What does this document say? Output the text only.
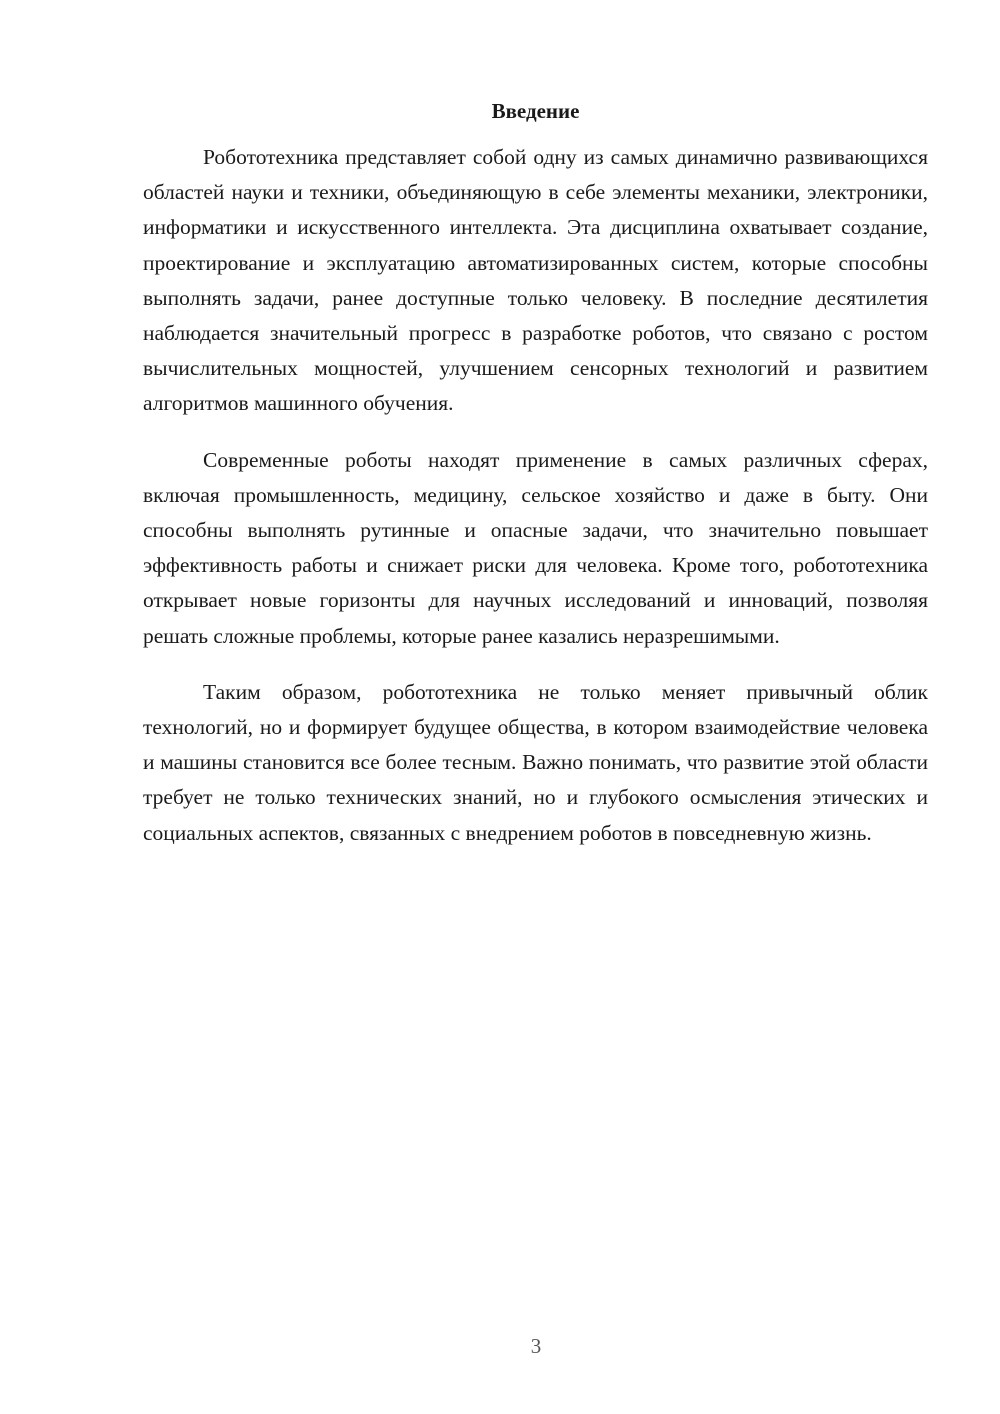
Введение

Робототехника представляет собой одну из самых динамично развивающихся областей науки и техники, объединяющую в себе элементы механики, электроники, информатики и искусственного интеллекта. Эта дисциплина охватывает создание, проектирование и эксплуатацию автоматизированных систем, которые способны выполнять задачи, ранее доступные только человеку. В последние десятилетия наблюдается значительный прогресс в разработке роботов, что связано с ростом вычислительных мощностей, улучшением сенсорных технологий и развитием алгоритмов машинного обучения.

Современные роботы находят применение в самых различных сферах, включая промышленность, медицину, сельское хозяйство и даже в быту. Они способны выполнять рутинные и опасные задачи, что значительно повышает эффективность работы и снижает риски для человека. Кроме того, робототехника открывает новые горизонты для научных исследований и инноваций, позволяя решать сложные проблемы, которые ранее казались неразрешимыми.

Таким образом, робототехника не только меняет привычный облик технологий, но и формирует будущее общества, в котором взаимодействие человека и машины становится все более тесным. Важно понимать, что развитие этой области требует не только технических знаний, но и глубокого осмысления этических и социальных аспектов, связанных с внедрением роботов в повседневную жизнь.

3
